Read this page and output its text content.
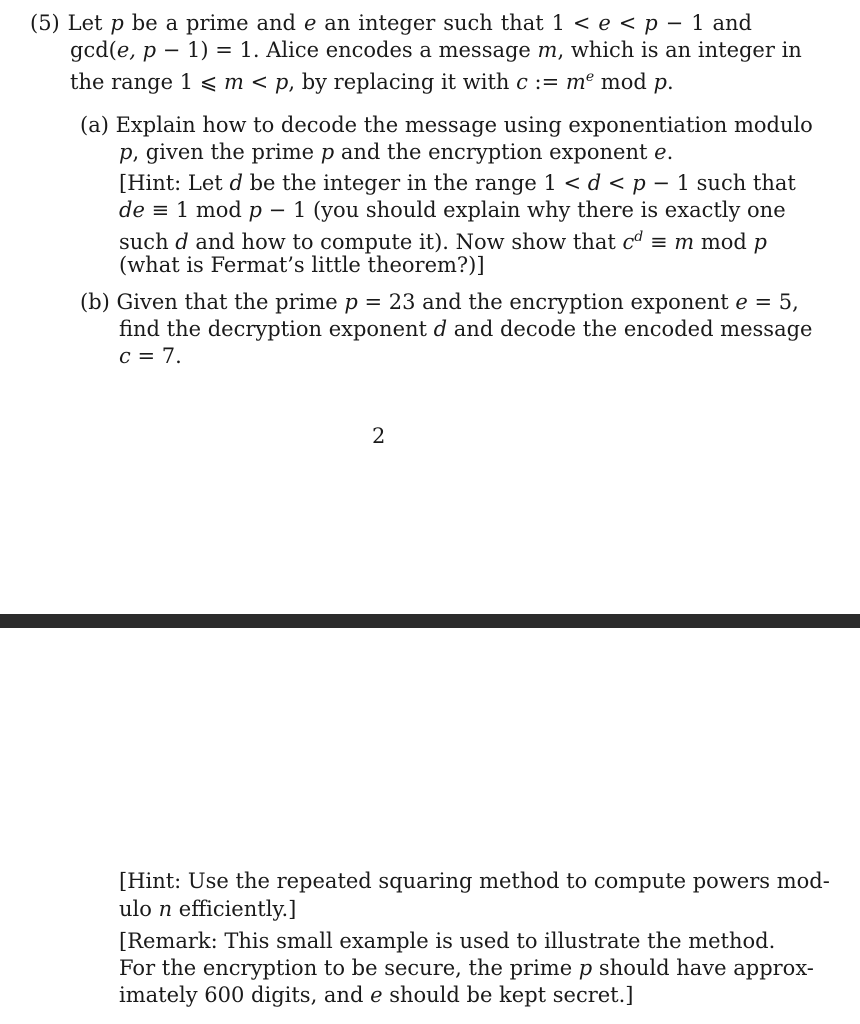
(5) Let p be a prime and e an integer such that 1 < e < p − 1 and
gcd(e, p − 1) = 1. Alice encodes a message m, which is an integer in
the range 1 ⩽ m < p, by replacing it with c := $m^e$ mod p.
(a) Explain how to decode the message using exponentiation modulo
p, given the prime p and the encryption exponent e.
[Hint: Let d be the integer in the range 1 < d < p − 1 such that
de ≡ 1 mod p − 1 (you should explain why there is exactly one
such d and how to compute it). Now show that $c^d \equiv m$ mod p
(what is Fermat’s little theorem?)]
(b) Given that the prime p = 23 and the encryption exponent e = 5,
find the decryption exponent d and decode the encoded message
c = 7.
2
[Hint: Use the repeated squaring method to compute powers mod-
ulo n efficiently.]
[Remark: This small example is used to illustrate the method.
For the encryption to be secure, the prime p should have approx-
imately 600 digits, and e should be kept secret.]
